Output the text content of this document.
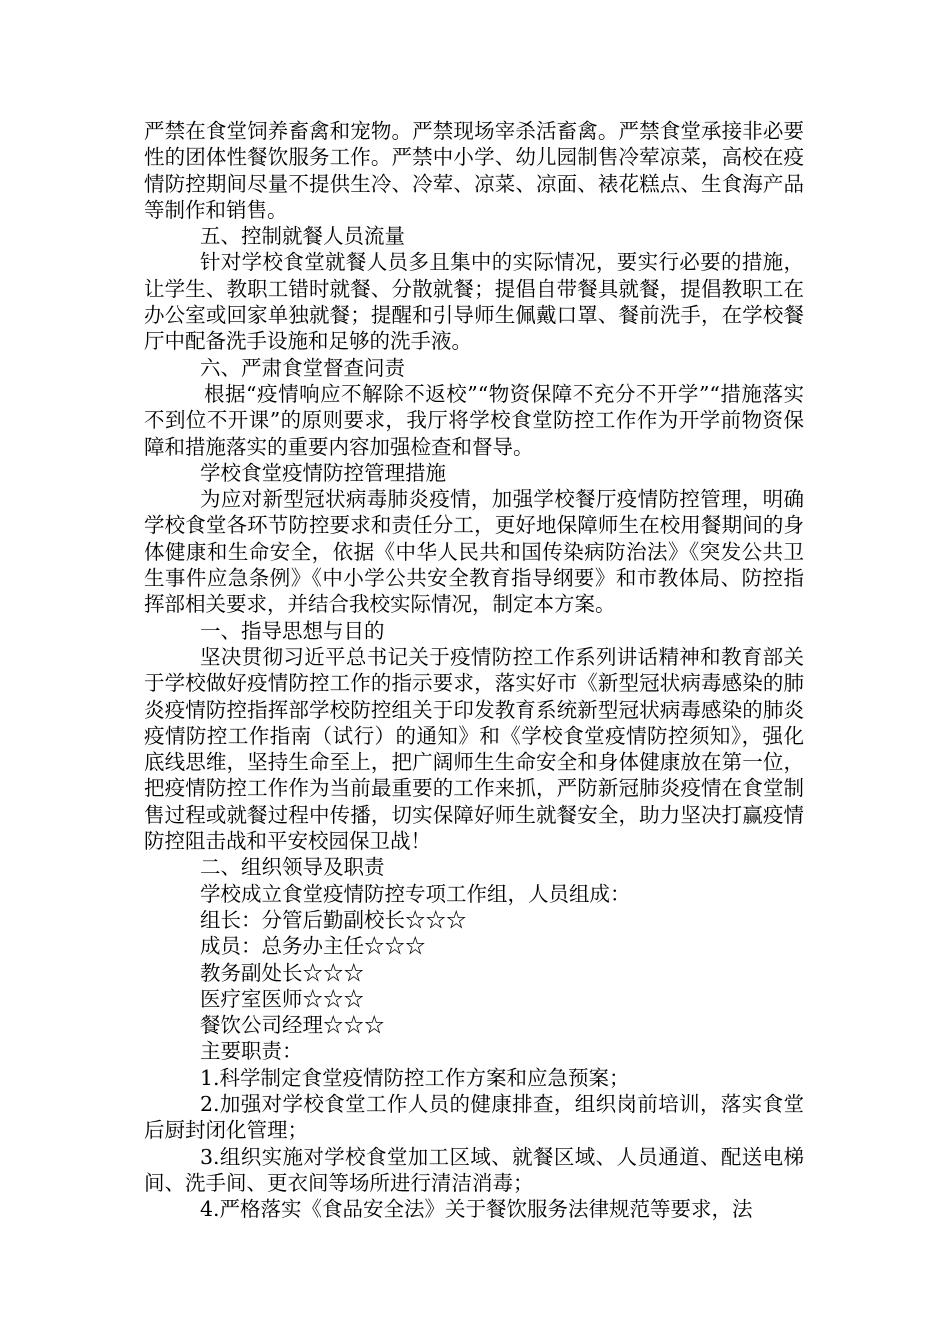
严禁在食堂饲养畜禽和宠物。严禁现场宰杀活畜禽。严禁食堂承接非必要性的团体性餐饮服务工作。严禁中小学、幼儿园制售冷荤凉菜，高校在疫情防控期间尽量不提供生冷、冷荤、凉菜、凉面、裱花糕点、生食海产品等制作和销售。

五、控制就餐人员流量

针对学校食堂就餐人员多且集中的实际情况，要实行必要的措施，让学生、教职工错时就餐、分散就餐；提倡自带餐具就餐，提倡教职工在办公室或回家单独就餐；提醒和引导师生佩戴口罩、餐前洗手，在学校餐厅中配备洗手设施和足够的洗手液。

六、严肃食堂督查问责

根据“疫情响应不解除不返校”“物资保障不充分不开学”“措施落实不到位不开课”的原则要求，我厅将学校食堂防控工作作为开学前物资保障和措施落实的重要内容加强检查和督导。

学校食堂疫情防控管理措施

为应对新型冠状病毒肺炎疫情，加强学校餐厅疫情防控管理，明确学校食堂各环节防控要求和责任分工，更好地保障师生在校用餐期间的身体健康和生命安全，依据《中华人民共和国传染病防治法》《突发公共卫生事件应急条例》《中小学公共安全教育指导纲要》和市教体局、防控指挥部相关要求，并结合我校实际情况，制定本方案。

一、指导思想与目的

坚决贯彻习近平总书记关于疫情防控工作系列讲话精神和教育部关于学校做好疫情防控工作的指示要求，落实好市《新型冠状病毒感染的肺炎疫情防控指挥部学校防控组关于印发教育系统新型冠状病毒感染的肺炎疫情防控工作指南（试行）的通知》和《学校食堂疫情防控须知》，强化底线思维，坚持生命至上，把广阔师生生命安全和身体健康放在第一位，把疫情防控工作作为当前最重要的工作来抓，严防新冠肺炎疫情在食堂制售过程或就餐过程中传播，切实保障好师生就餐安全，助力坚决打赢疫情防控阻击战和平安校园保卫战！

二、组织领导及职责

学校成立食堂疫情防控专项工作组，人员组成：

组长：分管后勤副校长☆☆☆

成员：总务办主任☆☆☆

教务副处长☆☆☆

医疗室医师☆☆☆

餐饮公司经理☆☆☆

主要职责：

1.科学制定食堂疫情防控工作方案和应急预案；

2.加强对学校食堂工作人员的健康排查，组织岗前培训，落实食堂后厨封闭化管理；

3.组织实施对学校食堂加工区域、就餐区域、人员通道、配送电梯间、洗手间、更衣间等场所进行清洁消毒；

4.严格落实《食品安全法》关于餐饮服务法律规范等要求，法
